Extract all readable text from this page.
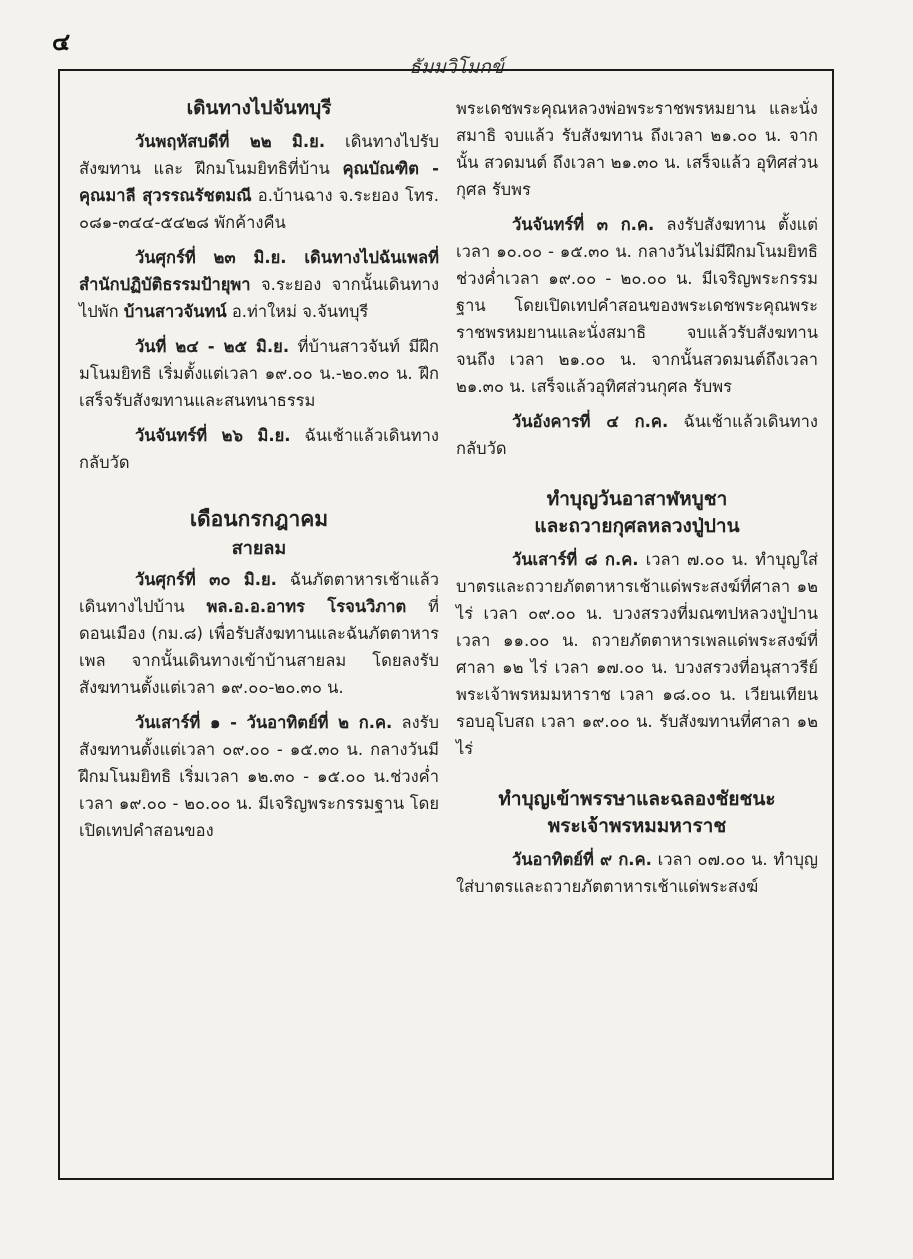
๔
ธัมมวิโมกข์
เดินทางไปจันทบุรี

วันพฤหัสบดีที่ ๒๒ มิ.ย. เดินทางไปรับสังฆทาน และ ฝึกมโนมยิทธิที่บ้าน คุณบัณฑิต - คุณมาลี สุวรรณรัชตมณี อ.บ้านฉาง จ.ระยอง โทร. ๐๘๑-๓๔๔-๕๔๒๘ พักค้างคืน

วันศุกร์ที่ ๒๓ มิ.ย. เดินทางไปฉันเพลที่สำนักปฏิบัติธรรมป้ายุพา จ.ระยอง จากนั้นเดินทางไปพัก บ้านสาวจันทน์ อ.ท่าใหม่ จ.จันทบุรี

วันที่ ๒๔ - ๒๕ มิ.ย. ที่บ้านสาวจันท์ มีฝึกมโนมยิทธิ เริ่มตั้งแต่เวลา ๑๙.๐๐ น.-๒๐.๓๐ น. ฝึกเสร็จรับสังฆทานและสนทนาธรรม

วันจันทร์ที่ ๒๖ มิ.ย. ฉันเช้าแล้วเดินทางกลับวัด

เดือนกรกฎาคม
สายลม

วันศุกร์ที่ ๓๐ มิ.ย. ฉันภัตตาหารเช้าแล้ว เดินทางไปบ้าน พล.อ.อ.อาทร โรจนวิภาต ที่ดอนเมือง (กม.๘) เพื่อรับสังฆทานและฉันภัตตาหารเพล จากนั้นเดินทางเข้าบ้านสายลม โดยลงรับสังฆทานตั้งแต่เวลา ๑๙.๐๐-๒๐.๓๐ น.

วันเสาร์ที่ ๑ - วันอาทิตย์ที่ ๒ ก.ค. ลงรับสังฆทานตั้งแต่เวลา ๐๙.๐๐ - ๑๕.๓๐ น. กลางวันมีฝึกมโนมยิทธิ เริ่มเวลา ๑๒.๓๐ - ๑๕.๐๐ น.ช่วงค่ำ เวลา ๑๙.๐๐ - ๒๐.๐๐ น. มีเจริญพระกรรมฐาน โดยเปิดเทปคำสอนของ

พระเดชพระคุณหลวงพ่อพระราชพรหมยาน และนั่งสมาธิ จบแล้ว รับสังฆทาน ถึงเวลา ๒๑.๐๐ น. จากนั้น สวดมนต์ ถึงเวลา ๒๑.๓๐ น. เสร็จแล้ว อุทิศส่วนกุศล รับพร

วันจันทร์ที่ ๓ ก.ค. ลงรับสังฆทาน ตั้งแต่เวลา ๑๐.๐๐ - ๑๕.๓๐ น. กลางวันไม่มีฝึกมโนมยิทธิ ช่วงค่ำเวลา ๑๙.๐๐ - ๒๐.๐๐ น. มีเจริญพระกรรมฐาน โดยเปิดเทปคำสอนของพระเดชพระคุณพระราชพรหมยานและนั่งสมาธิ จบแล้วรับสังฆทานจนถึง เวลา ๒๑.๐๐ น. จากนั้นสวดมนต์ถึงเวลา ๒๑.๓๐ น. เสร็จแล้วอุทิศส่วนกุศล รับพร

วันอังคารที่ ๔ ก.ค. ฉันเช้าแล้วเดินทางกลับวัด

ทำบุญวันอาสาฬหบูชา
และถวายกุศลหลวงปู่ปาน

วันเสาร์ที่ ๘ ก.ค. เวลา ๗.๐๐ น. ทำบุญใส่บาตรและถวายภัตตาหารเช้าแด่พระสงฆ์ที่ศาลา ๑๒ ไร่ เวลา ๐๙.๐๐ น. บวงสรวงที่มณฑปหลวงปู่ปาน เวลา ๑๑.๐๐ น. ถวายภัตตาหารเพลแด่พระสงฆ์ที่ศาลา ๑๒ ไร่ เวลา ๑๗.๐๐ น. บวงสรวงที่อนุสาวรีย์พระเจ้าพรหมมหาราช เวลา ๑๘.๐๐ น. เวียนเทียนรอบอุโบสถ เวลา ๑๙.๐๐ น. รับสังฆทานที่ศาลา ๑๒ ไร่

ทำบุญเข้าพรรษาและฉลองชัยชนะ
พระเจ้าพรหมมหาราช

วันอาทิตย์ที่ ๙ ก.ค. เวลา ๐๗.๐๐ น. ทำบุญใส่บาตรและถวายภัตตาหารเช้าแด่พระสงฆ์
